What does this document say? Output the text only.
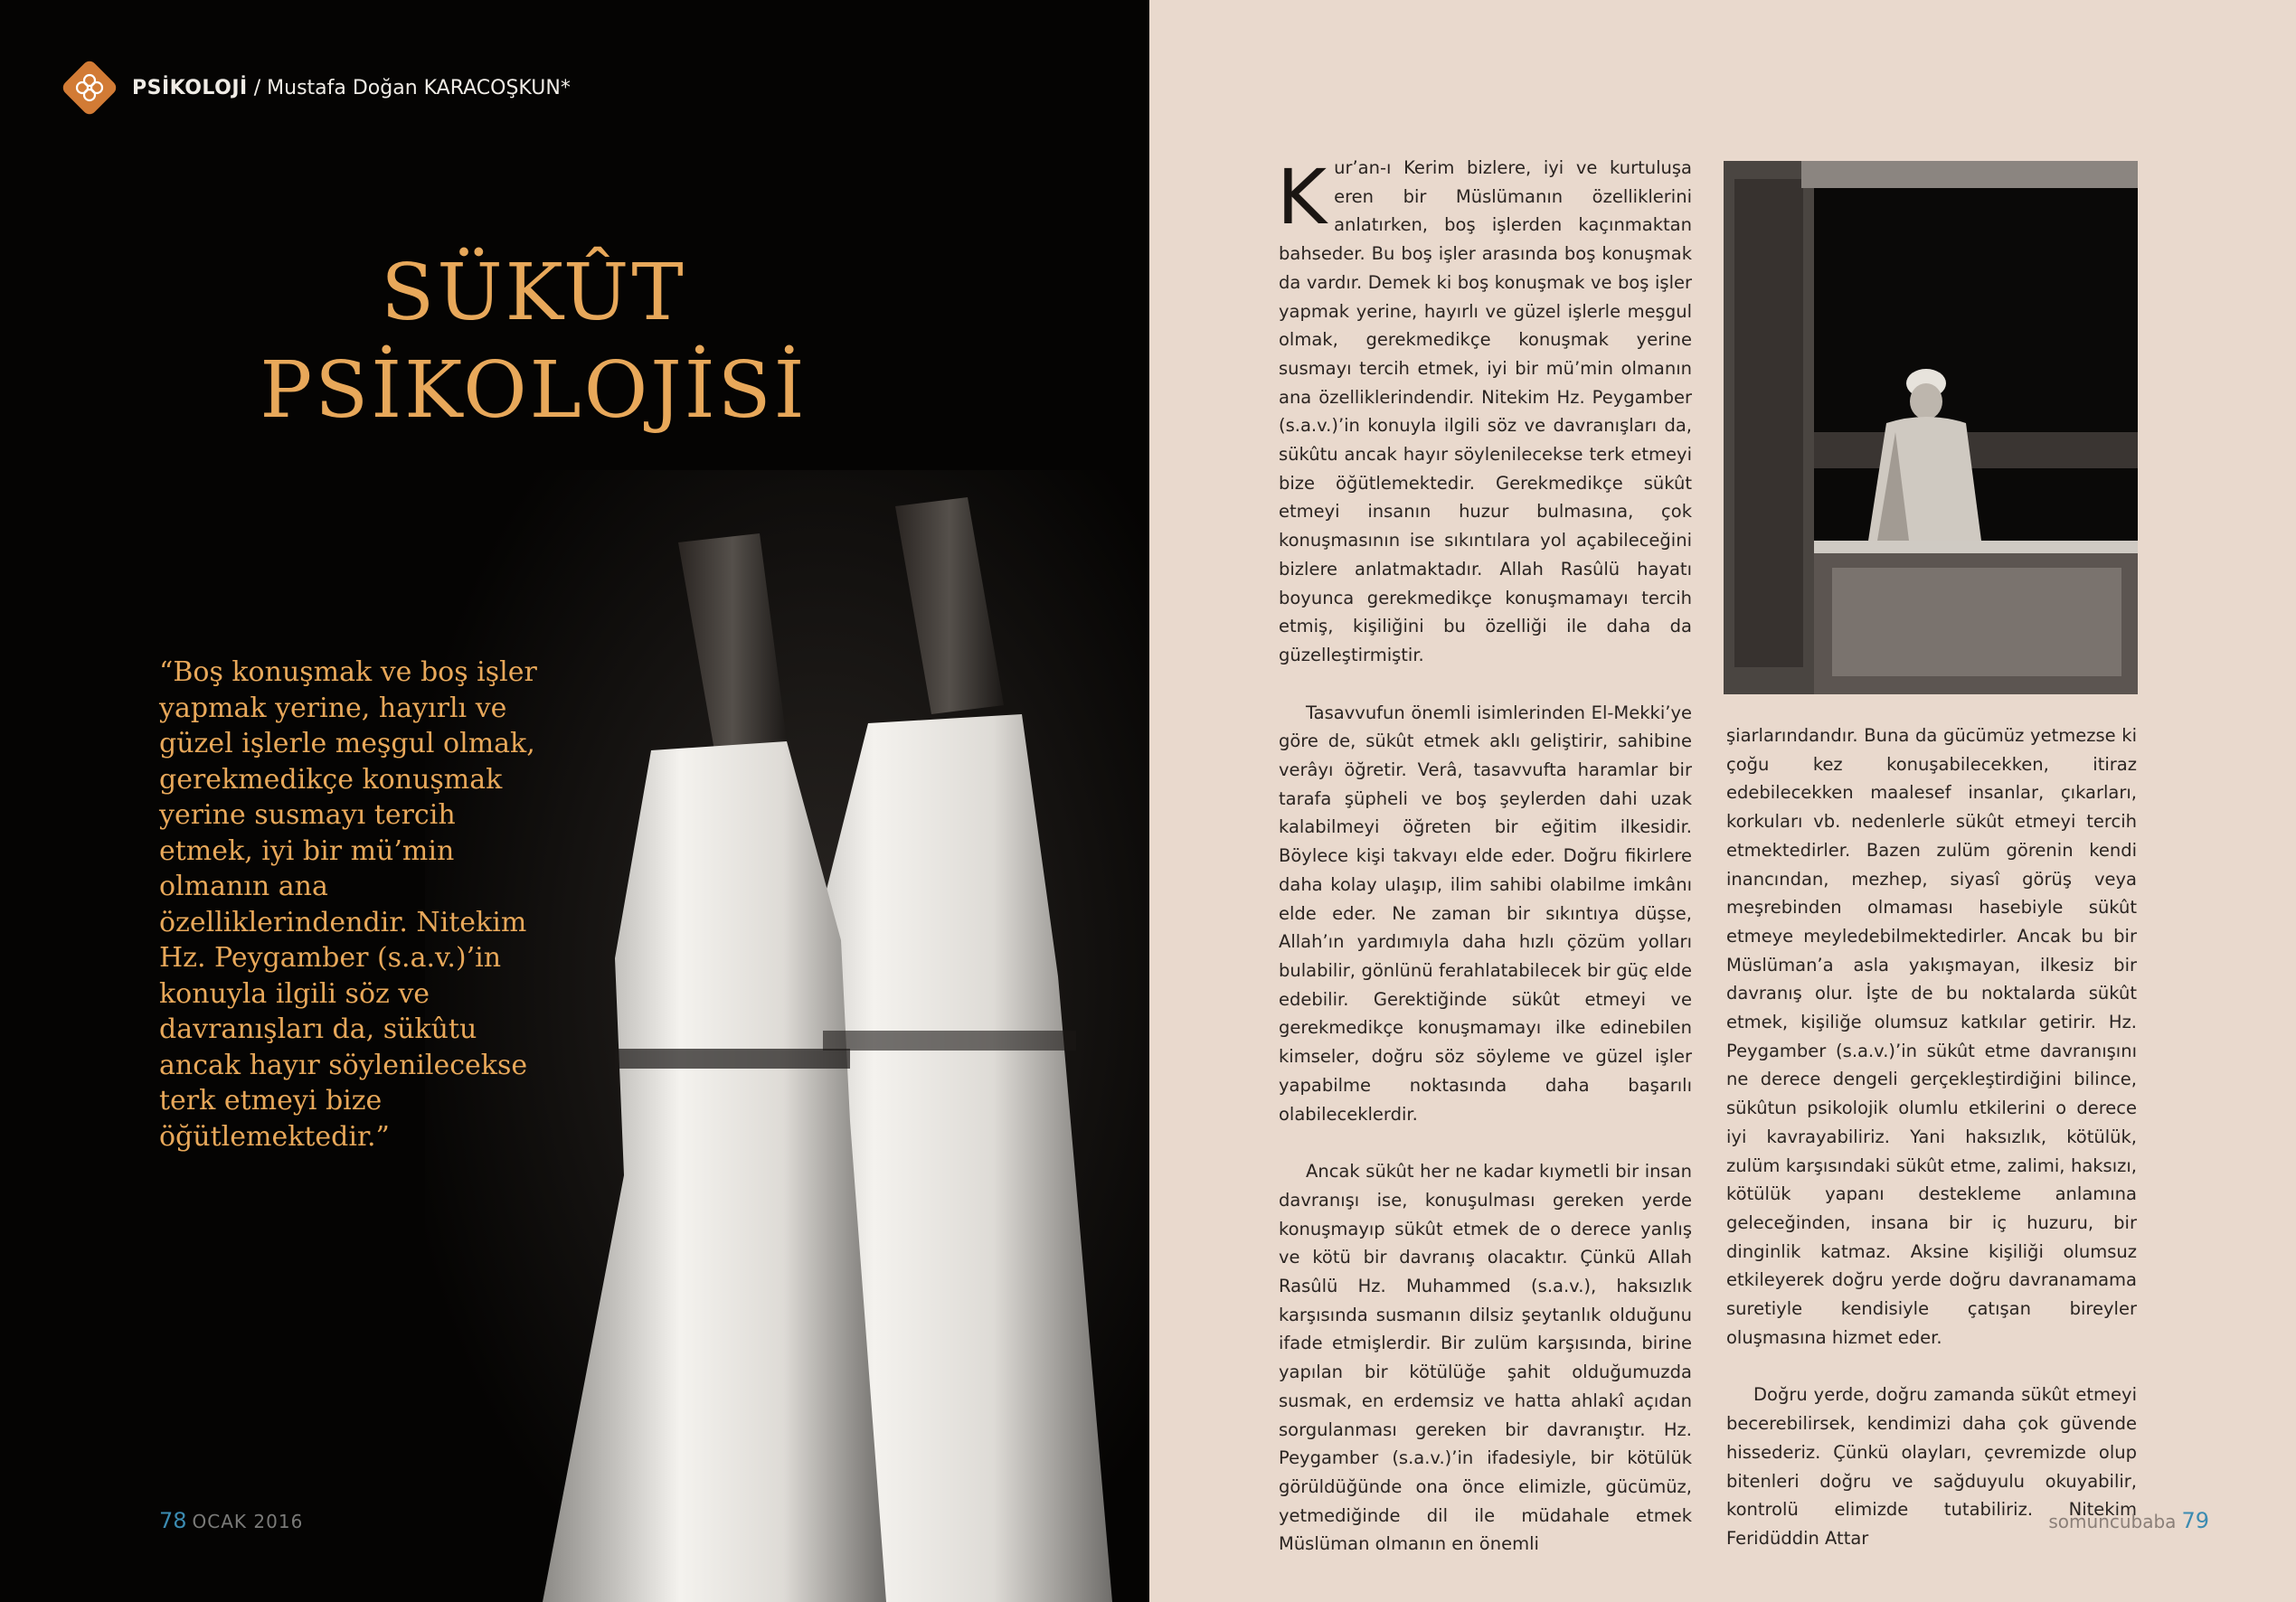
PSİKOLOJİ / Mustafa Doğan KARACOŞKUN*
SÜKÛT
PSİKOLOJİSİ
“Boş konuşmak ve boş işler yapmak yerine, hayırlı ve güzel işlerle meşgul olmak, gerekmedikçe konuşmak yerine susmayı tercih etmek, iyi bir mü’min olmanın ana özelliklerindendir. Nitekim Hz. Peygamber (s.a.v.)’in konuyla ilgili söz ve davranışları da, sükûtu ancak hayır söylenilecekse terk etmeyi bize öğütlemektedir.”
78 OCAK 2016

Kur’an-ı Kerim bizlere, iyi ve kurtuluşa eren bir Müslümanın özelliklerini anlatırken, boş işlerden kaçınmaktan bahseder. Bu boş işler arasında boş konuşmak da vardır. Demek ki boş konuşmak ve boş işler yapmak yerine, hayırlı ve güzel işlerle meşgul olmak, gerekmedikçe konuşmak yerine susmayı tercih etmek, iyi bir mü’min olmanın ana özelliklerindendir. Nitekim Hz. Peygamber (s.a.v.)’in konuyla ilgili söz ve davranışları da, sükûtu ancak hayır söylenilecekse terk etmeyi bize öğütlemektedir. Gerekmedikçe sükût etmeyi insanın huzur bulmasına, çok konuşmasının ise sıkıntılara yol açabileceğini bizlere anlatmaktadır. Allah Rasûlü hayatı boyunca gerekmedikçe konuşmamayı tercih etmiş, kişiliğini bu özelliği ile daha da güzelleştirmiştir.

Tasavvufun önemli isimlerinden El-Mekki’ye göre de, sükût etmek aklı geliştirir, sahibine verâyı öğretir. Verâ, tasavvufta haramlar bir tarafa şüpheli ve boş şeylerden dahi uzak kalabilmeyi öğreten bir eğitim ilkesidir. Böylece kişi takvayı elde eder. Doğru fikirlere daha kolay ulaşıp, ilim sahibi olabilme imkânı elde eder. Ne zaman bir sıkıntıya düşse, Allah’ın yardımıyla daha hızlı çözüm yolları bulabilir, gönlünü ferahlatabilecek bir güç elde edebilir. Gerektiğinde sükût etmeyi ve gerekmedikçe konuşmamayı ilke edinebilen kimseler, doğru söz söyleme ve güzel işler yapabilme noktasında daha başarılı olabileceklerdir.

Ancak sükût her ne kadar kıymetli bir insan davranışı ise, konuşulması gereken yerde konuşmayıp sükût etmek de o derece yanlış ve kötü bir davranış olacaktır. Çünkü Allah Rasûlü Hz. Muhammed (s.a.v.), haksızlık karşısında susmanın dilsiz şeytanlık olduğunu ifade etmişlerdir. Bir zulüm karşısında, birine yapılan bir kötülüğe şahit olduğumuzda susmak, en erdemsiz ve hatta ahlakî açıdan sorgulanması gereken bir davranıştır. Hz. Peygamber (s.a.v.)’in ifadesiyle, bir kötülük görüldüğünde ona önce elimizle, gücümüz, yetmediğinde dil ile müdahale etmek Müslüman olmanın en önemli

şiarlarındandır. Buna da gücümüz yetmezse ki çoğu kez konuşabilecekken, itiraz edebilecekken maalesef insanlar, çıkarları, korkuları vb. nedenlerle sükût etmeyi tercih etmektedirler. Bazen zulüm görenin kendi inancından, mezhep, siyasî görüş veya meşrebinden olmaması hasebiyle sükût etmeye meyledebilmektedirler. Ancak bu bir Müslüman’a asla yakışmayan, ilkesiz bir davranış olur. İşte de bu noktalarda sükût etmek, kişiliğe olumsuz katkılar getirir. Hz. Peygamber (s.a.v.)’in sükût etme davranışını ne derece dengeli gerçekleştirdiğini bilince, sükûtun psikolojik olumlu etkilerini o derece iyi kavrayabiliriz. Yani haksızlık, kötülük, zulüm karşısındaki sükût etme, zalimi, haksızı, kötülük yapanı destekleme anlamına geleceğinden, insana bir iç huzuru, bir dinginlik katmaz. Aksine kişiliği olumsuz etkileyerek doğru yerde doğru davranamama suretiyle kendisiyle çatışan bireyler oluşmasına hizmet eder.

Doğru yerde, doğru zamanda sükût etmeyi becerebilirsek, kendimizi daha çok güvende hissederiz. Çünkü olayları, çevremizde olup bitenleri doğru ve sağduyulu okuyabilir, kontrolü elimizde tutabiliriz. Nitekim Feridüddin Attar

somuncubaba 79
